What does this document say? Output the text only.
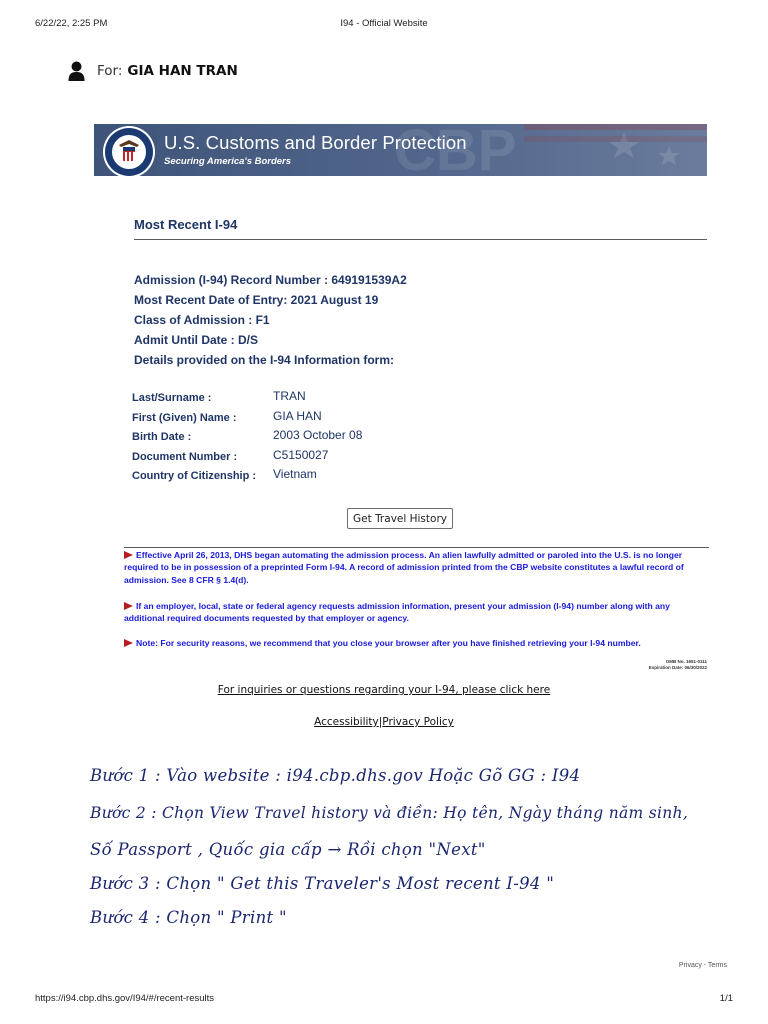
6/22/22, 2:25 PM	I94 - Official Website
For: GIA HAN TRAN
CBP
U.S. Customs and Border Protection
Securing America's Borders
Most Recent I-94
Admission (I-94) Record Number : 649191539A2
Most Recent Date of Entry: 2021 August 19
Class of Admission : F1
Admit Until Date : D/S
Details provided on the I-94 Information form:
Last/Surname :	TRAN
First (Given) Name :	GIA HAN
Birth Date :	2003 October 08
Document Number :	C5150027
Country of Citizenship : Vietnam
Get Travel History
Effective April 26, 2013, DHS began automating the admission process. An alien lawfully admitted or paroled into the U.S. is no longer required to be in possession of a preprinted Form I-94. A record of admission printed from the CBP website constitutes a lawful record of admission. See 8 CFR § 1.4(d).
If an employer, local, state or federal agency requests admission information, present your admission (I-94) number along with any additional required documents requested by that employer or agency.
Note: For security reasons, we recommend that you close your browser after you have finished retrieving your I-94 number.
OMB No. 1651-0111
Expiration Date: 06/30/2022
For inquiries or questions regarding your I-94, please click here
Accessibility|Privacy Policy
Bước 1 : Vào website : i94.cbp.dhs.gov Hoặc Gõ GG : I94
Bước 2 : Chọn View Travel history và điền: Họ tên, Ngày tháng năm sinh,
Số Passport , Quốc gia cấp → Rồi chọn "Next"
Bước 3 : Chọn " Get this Traveler's Most recent I-94 "
Bước 4 : Chọn " Print "
Privacy - Terms
https://i94.cbp.dhs.gov/I94/#/recent-results	1/1
